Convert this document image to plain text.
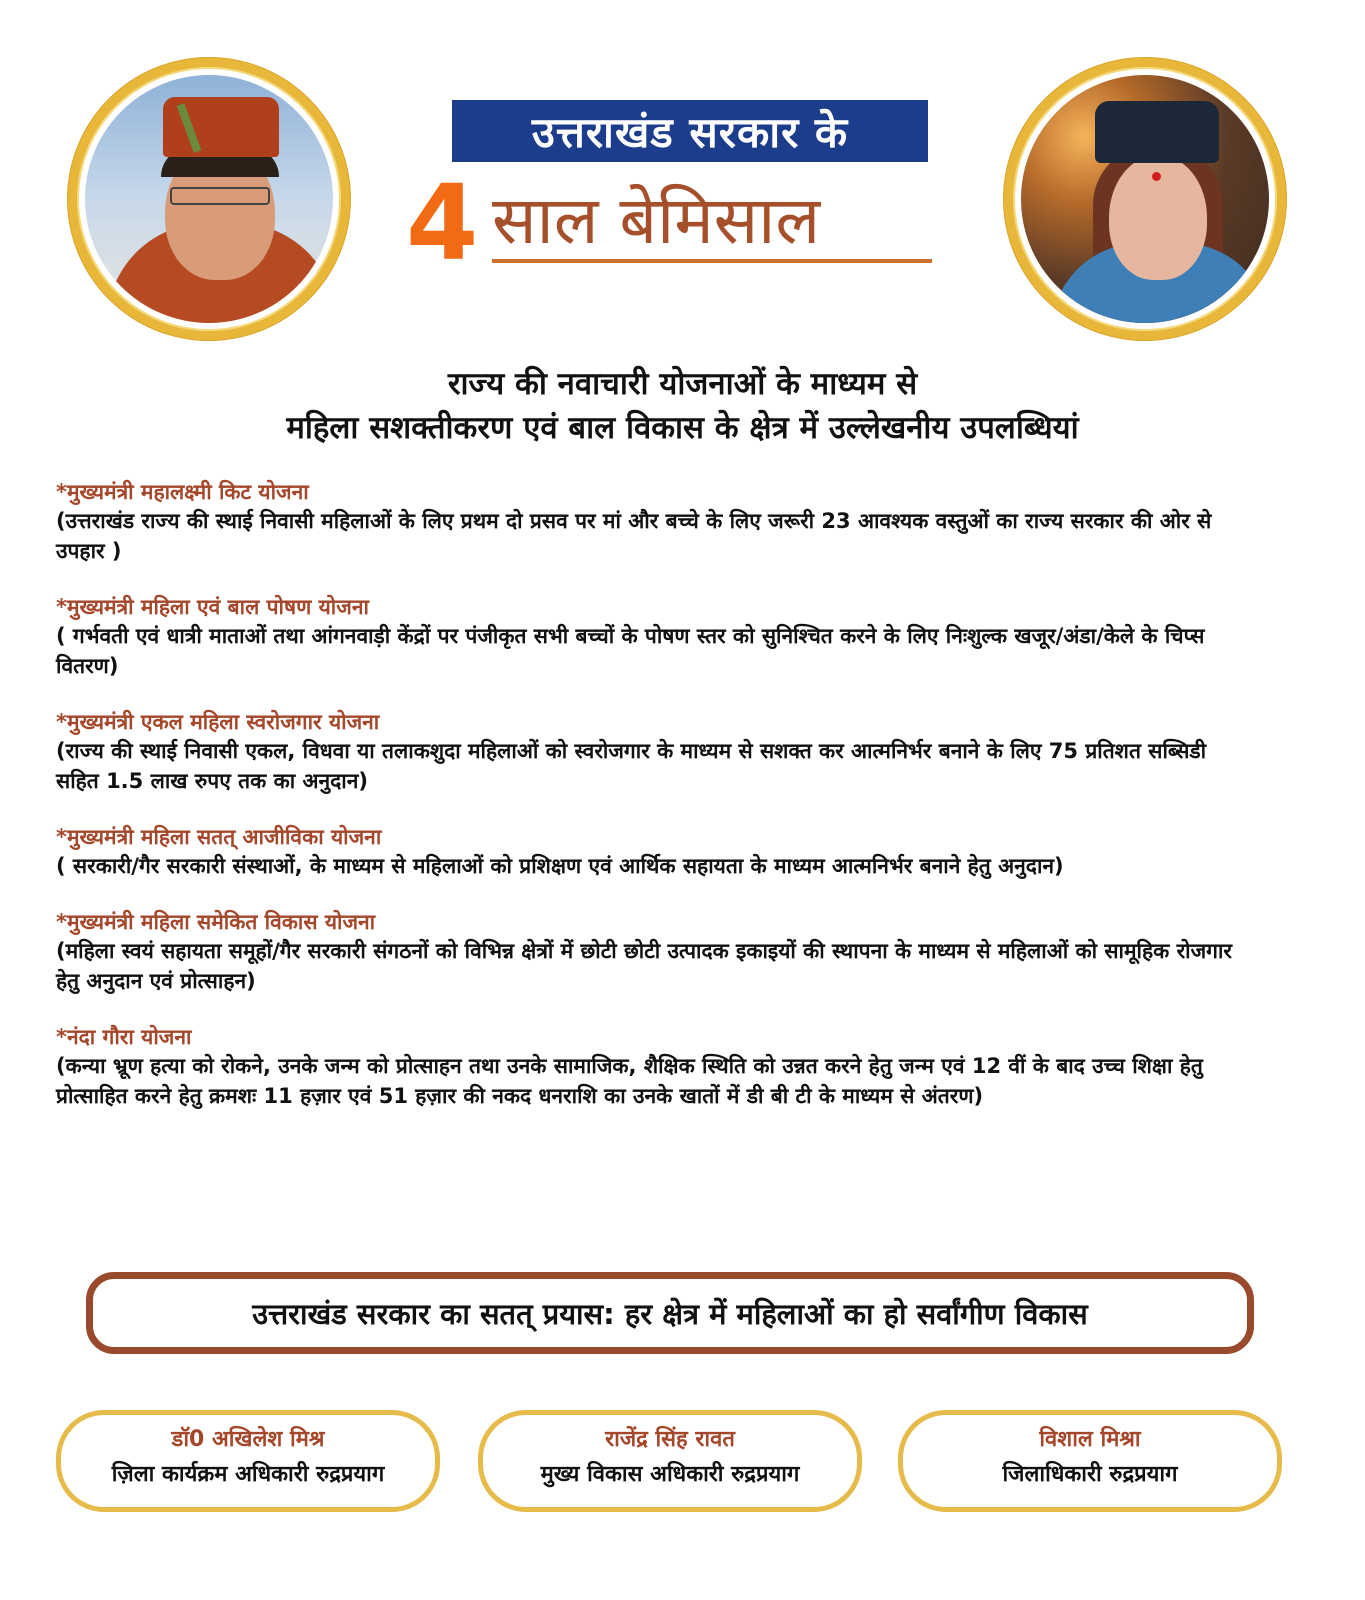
उत्तराखंड सरकार के
4 साल बेमिसाल
राज्य की नवाचारी योजनाओं के माध्यम से
महिला सशक्तीकरण एवं बाल विकास के क्षेत्र में उल्लेखनीय उपलब्धियां
*मुख्यमंत्री महालक्ष्मी किट योजना
(उत्तराखंड राज्य की स्थाई निवासी महिलाओं के लिए प्रथम दो प्रसव पर मां और बच्चे के लिए जरूरी 23 आवश्यक वस्तुओं का राज्य सरकार की ओर से उपहार )
*मुख्यमंत्री महिला एवं बाल पोषण योजना
( गर्भवती एवं धात्री माताओं तथा आंगनवाड़ी केंद्रों पर पंजीकृत सभी बच्चों के पोषण स्तर को सुनिश्चित करने के लिए निःशुल्क खजूर/अंडा/केले के चिप्स वितरण)
*मुख्यमंत्री एकल महिला स्वरोजगार योजना
(राज्य की स्थाई निवासी एकल, विधवा या तलाकशुदा महिलाओं को स्वरोजगार के माध्यम से सशक्त कर आत्मनिर्भर बनाने के लिए 75 प्रतिशत सब्सिडी सहित 1.5 लाख रुपए तक का अनुदान)
*मुख्यमंत्री महिला सतत् आजीविका योजना
( सरकारी/गैर सरकारी संस्थाओं, के माध्यम से महिलाओं को प्रशिक्षण एवं आर्थिक सहायता के माध्यम आत्मनिर्भर बनाने हेतु अनुदान)
*मुख्यमंत्री महिला समेकित विकास योजना
(महिला स्वयं सहायता समूहों/गैर सरकारी संगठनों को विभिन्न क्षेत्रों में छोटी छोटी उत्पादक इकाइयों की स्थापना के माध्यम से महिलाओं को सामूहिक रोजगार हेतु अनुदान एवं प्रोत्साहन)
*नंदा गौरा योजना
(कन्या भ्रूण हत्या को रोकने, उनके जन्म को प्रोत्साहन तथा उनके सामाजिक, शैक्षिक स्थिति को उन्नत करने हेतु जन्म एवं 12 वीं के बाद उच्च शिक्षा हेतु प्रोत्साहित करने हेतु क्रमशः 11 हज़ार एवं 51 हज़ार की नकद धनराशि का उनके खातों में डी बी टी के माध्यम से अंतरण)
उत्तराखंड सरकार का सतत् प्रयास: हर क्षेत्र में महिलाओं का हो सर्वांगीण विकास
डॉ0 अखिलेश मिश्र
ज़िला कार्यक्रम अधिकारी रुद्रप्रयाग
राजेंद्र सिंह रावत
मुख्य विकास अधिकारी रुद्रप्रयाग
विशाल मिश्रा
जिलाधिकारी रुद्रप्रयाग
